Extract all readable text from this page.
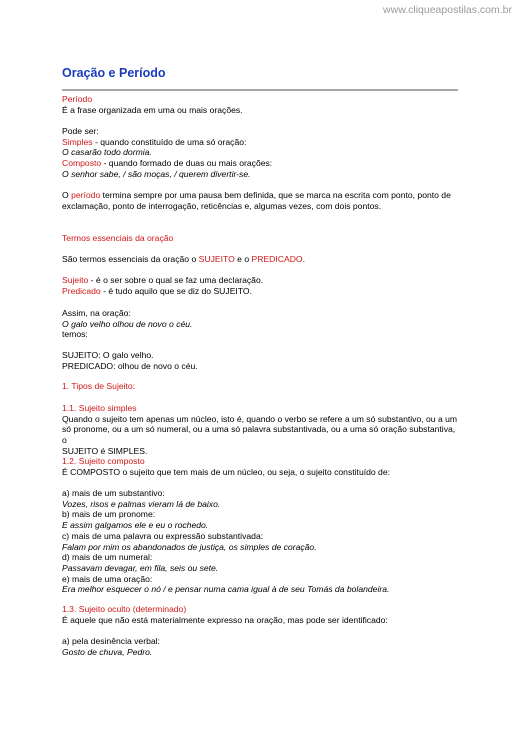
www.cliqueapostilas.com.br
Oração e Período

Período

É a frase organizada em uma ou mais orações.

Pode ser:

Simples - quando constituído de uma só oração:

O casarão todo dormia.

Composto - quando formado de duas ou mais orações:

O senhor sabe, / são moças, / querem divertir-se.

O período termina sempre por uma pausa bem definida, que se marca na escrita com ponto, ponto de

exclamação, ponto de interrogação, reticências e, algumas vezes, com dois pontos.

Termos essenciais da oração

São termos essenciais da oração o SUJEITO e o PREDICADO.

Sujeito - é o ser sobre o qual se faz uma declaração.

Predicado - é tudo aquilo que se diz do SUJEITO.

Assim, na oração:

O galo velho olhou de novo o céu.

temos:

SUJEITO: O galo velho.

PREDICADO: olhou de novo o céu.

1. Tipos de Sujeito:

1.1. Sujeito simples

Quando o sujeito tem apenas um núcleo, isto é, quando o verbo se refere a um só substantivo, ou a um

só pronome, ou a um só numeral, ou a uma só palavra substantivada, ou a uma só oração substantiva, o

SUJEITO é SIMPLES.

1.2. Sujeito composto

É COMPOSTO o sujeito que tem mais de um núcleo, ou seja, o sujeito constituído de:

a) mais de um substantivo:

Vozes, risos e palmas vieram lá de baixo.

b) mais de um pronome:

E assim galgamos ele e eu o rochedo.

c) mais de uma palavra ou expressão substantivada:

Falam por mim os abandonados de justiça, os simples de coração.

d) mais de um numeral:

Passavam devagar, em fila, seis ou sete.

e) mais de uma oração:

Era melhor esquecer o nó / e pensar numa cama igual à de seu Tomás da bolandeira.

1.3. Sujeito oculto (determinado)

É aquele que não está materialmente expresso na oração, mas pode ser identificado:

a) pela desinência verbal:

Gosto de chuva, Pedro.
